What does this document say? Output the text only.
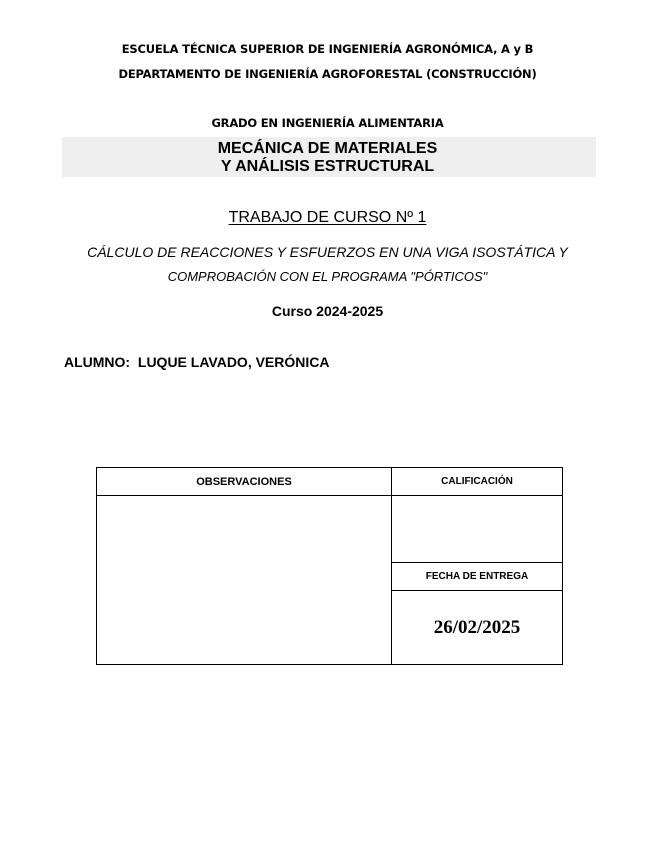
ESCUELA TÉCNICA SUPERIOR DE INGENIERÍA AGRONÓMICA, A y B
DEPARTAMENTO DE INGENIERÍA AGROFORESTAL (CONSTRUCCIÓN)
GRADO EN INGENIERÍA ALIMENTARIA
MECÁNICA DE MATERIALES
Y ANÁLISIS ESTRUCTURAL
TRABAJO DE CURSO Nº 1
CÁLCULO DE REACCIONES Y ESFUERZOS EN UNA VIGA ISOSTÁTICA Y
COMPROBACIÓN CON EL PROGRAMA "PÓRTICOS"
Curso 2024-2025
ALUMNO: LUQUE LAVADO, VERÓNICA
OBSERVACIONES	CALIFICACIÓN

	FECHA DE ENTREGA
	26/02/2025
